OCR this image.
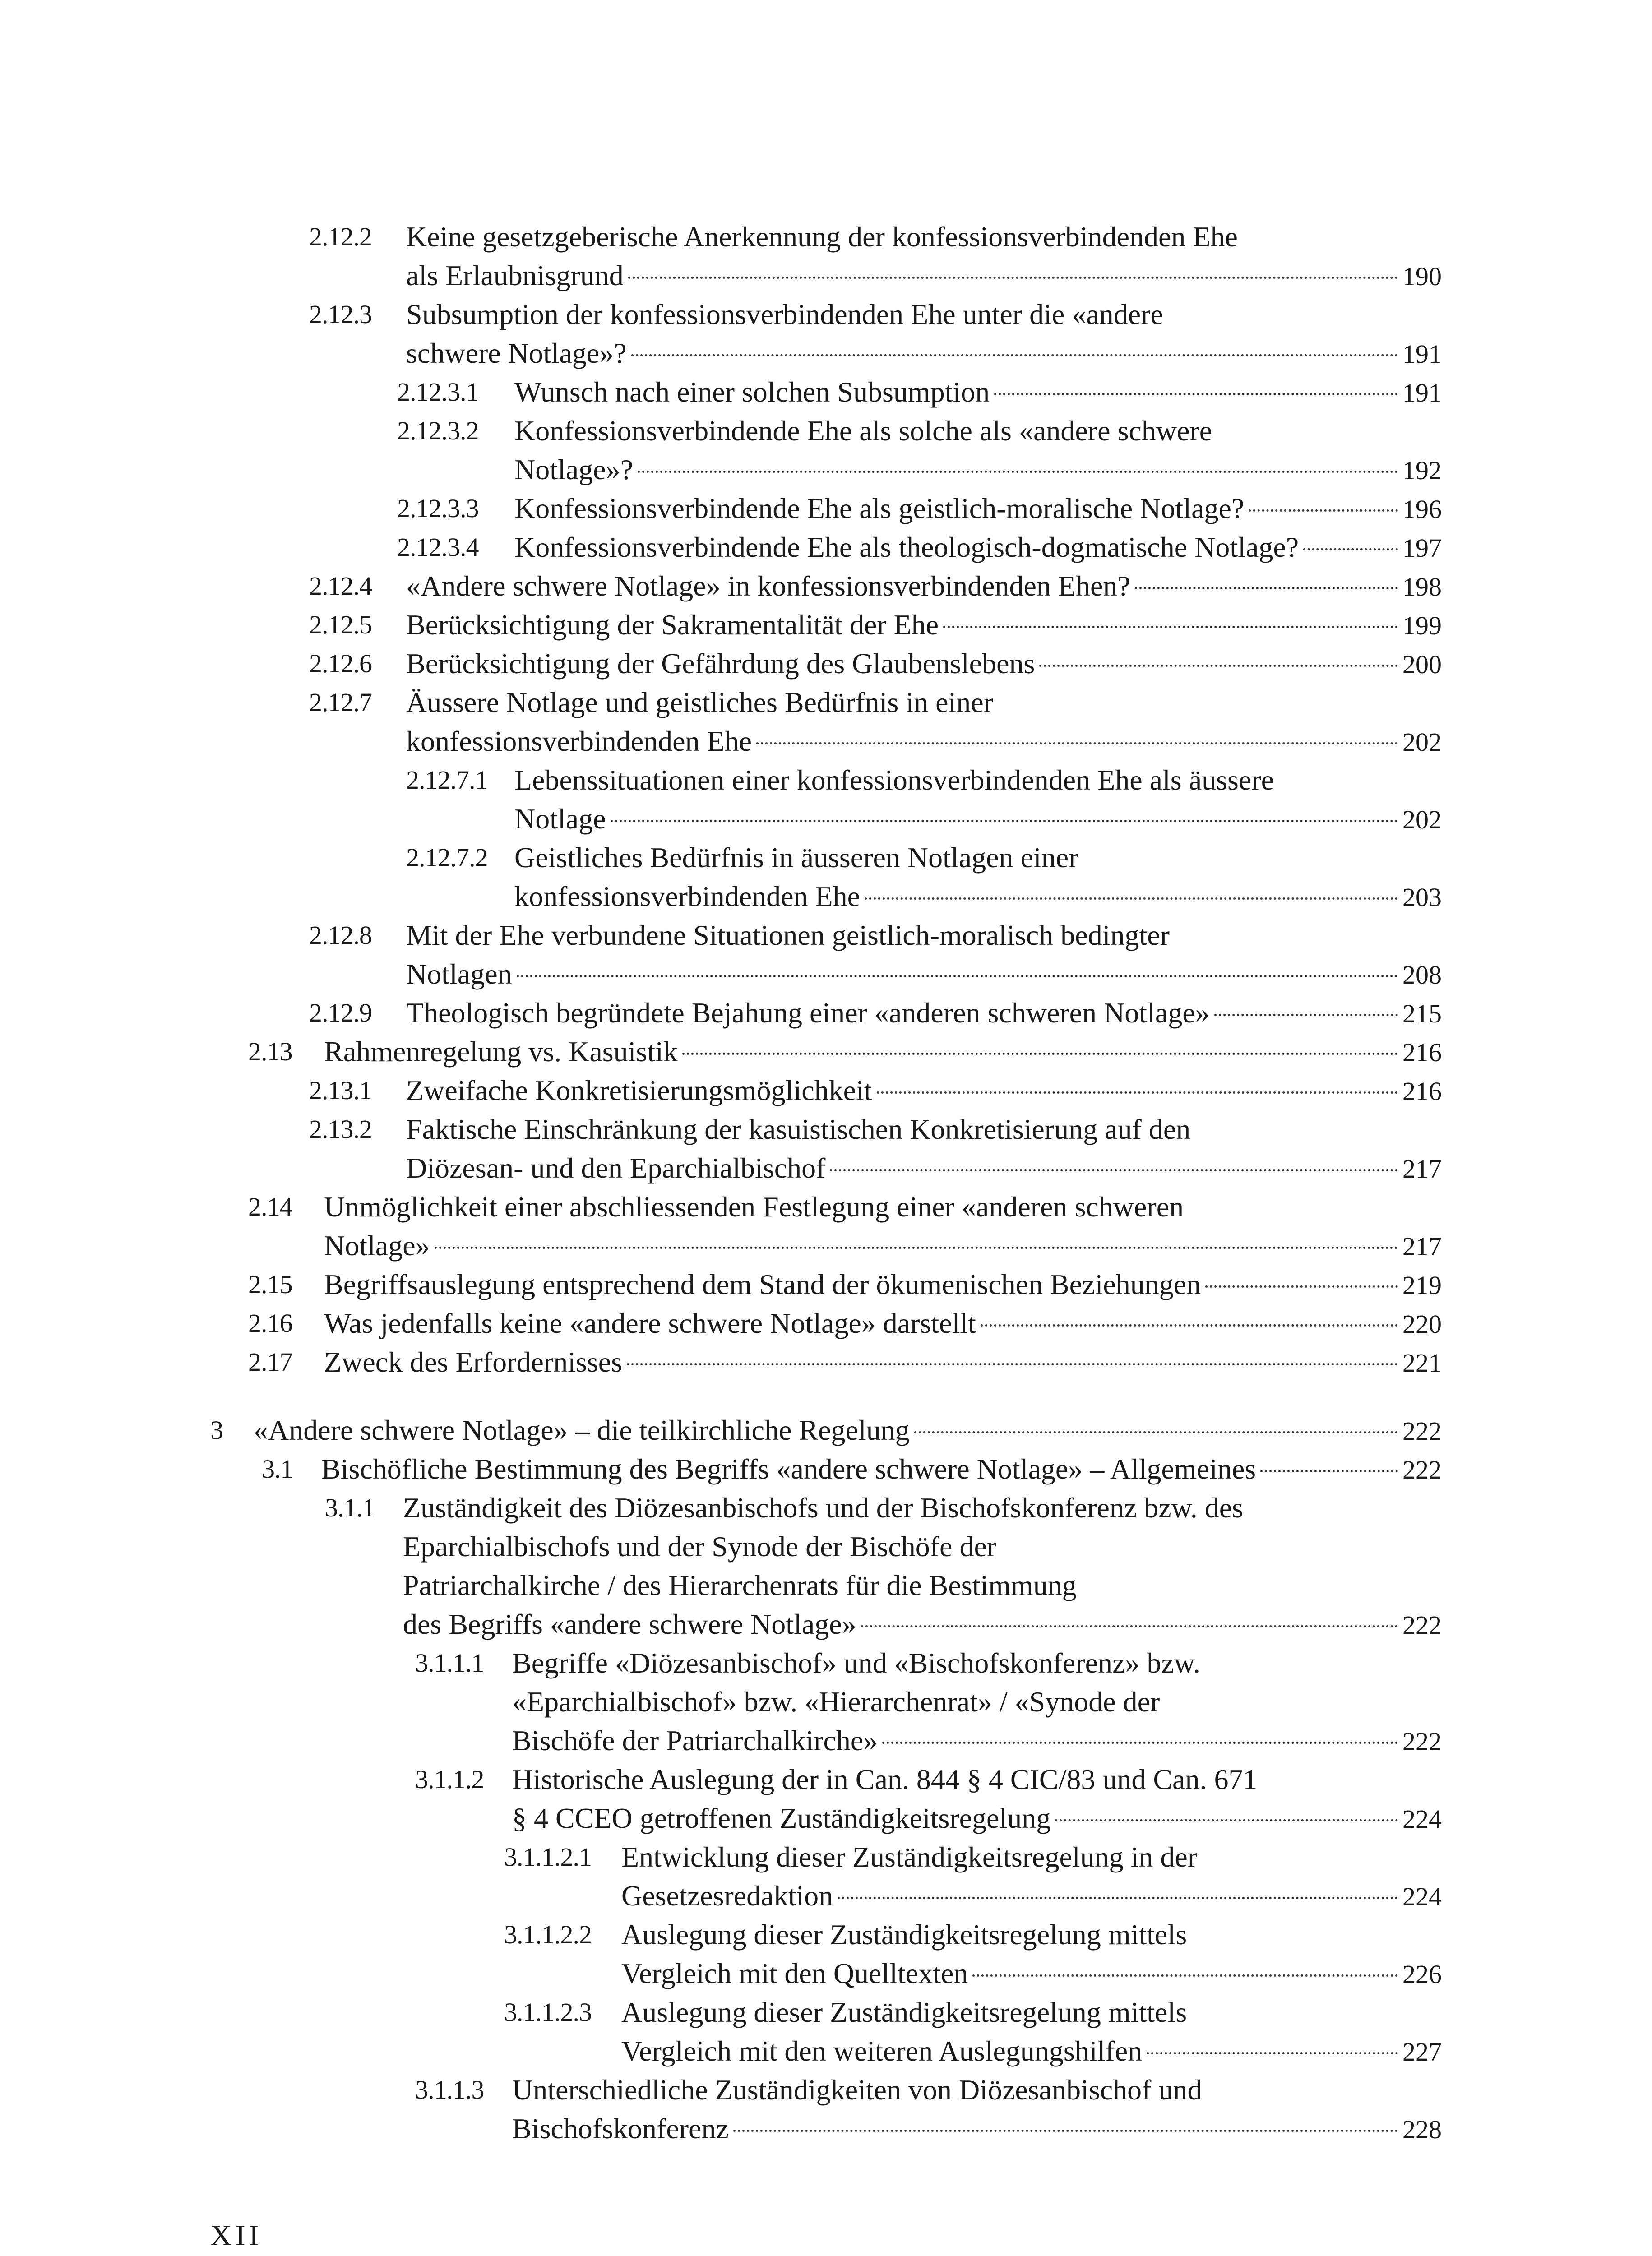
2.12.2 Keine gesetzgeberische Anerkennung der konfessionsverbindenden Ehe
als Erlaubnisgrund	190
2.12.3 Subsumption der konfessionsverbindenden Ehe unter die «andere
schwere Notlage»?	191
2.12.3.1 Wunsch nach einer solchen Subsumption	191
2.12.3.2 Konfessionsverbindende Ehe als solche als «andere schwere
Notlage»?	192
2.12.3.3 Konfessionsverbindende Ehe als geistlich-moralische Notlage?	196
2.12.3.4 Konfessionsverbindende Ehe als theologisch-dogmatische Notlage?	197
2.12.4 «Andere schwere Notlage» in konfessionsverbindenden Ehen?	198
2.12.5 Berücksichtigung der Sakramentalität der Ehe	199
2.12.6 Berücksichtigung der Gefährdung des Glaubenslebens	200
2.12.7 Äussere Notlage und geistliches Bedürfnis in einer
konfessionsverbindenden Ehe	202
2.12.7.1 Lebenssituationen einer konfessionsverbindenden Ehe als äussere
Notlage	202
2.12.7.2 Geistliches Bedürfnis in äusseren Notlagen einer
konfessionsverbindenden Ehe	203
2.12.8 Mit der Ehe verbundene Situationen geistlich-moralisch bedingter
Notlagen	208
2.12.9 Theologisch begründete Bejahung einer «anderen schweren Notlage»	215
2.13 Rahmenregelung vs. Kasuistik	216
2.13.1 Zweifache Konkretisierungsmöglichkeit	216
2.13.2 Faktische Einschränkung der kasuistischen Konkretisierung auf den
Diözesan- und den Eparchialbischof	217
2.14 Unmöglichkeit einer abschliessenden Festlegung einer «anderen schweren
Notlage»	217
2.15 Begriffsauslegung entsprechend dem Stand der ökumenischen Beziehungen	219
2.16 Was jedenfalls keine «andere schwere Notlage» darstellt	220
2.17 Zweck des Erfordernisses	221
3 «Andere schwere Notlage» – die teilkirchliche Regelung	222
3.1 Bischöfliche Bestimmung des Begriffs «andere schwere Notlage» – Allgemeines	222
3.1.1 Zuständigkeit des Diözesanbischofs und der Bischofskonferenz bzw. des
Eparchialbischofs und der Synode der Bischöfe der
Patriarchalkirche / des Hierarchenrats für die Bestimmung
des Begriffs «andere schwere Notlage»	222
3.1.1.1 Begriffe «Diözesanbischof» und «Bischofskonferenz» bzw.
«Eparchialbischof» bzw. «Hierarchenrat» / «Synode der
Bischöfe der Patriarchalkirche»	222
3.1.1.2 Historische Auslegung der in Can. 844 § 4 CIC/83 und Can. 671
§ 4 CCEO getroffenen Zuständigkeitsregelung	224
3.1.1.2.1 Entwicklung dieser Zuständigkeitsregelung in der
Gesetzesredaktion	224
3.1.1.2.2 Auslegung dieser Zuständigkeitsregelung mittels
Vergleich mit den Quelltexten	226
3.1.1.2.3 Auslegung dieser Zuständigkeitsregelung mittels
Vergleich mit den weiteren Auslegungshilfen	227
3.1.1.3 Unterschiedliche Zuständigkeiten von Diözesanbischof und
Bischofskonferenz	228
XII
